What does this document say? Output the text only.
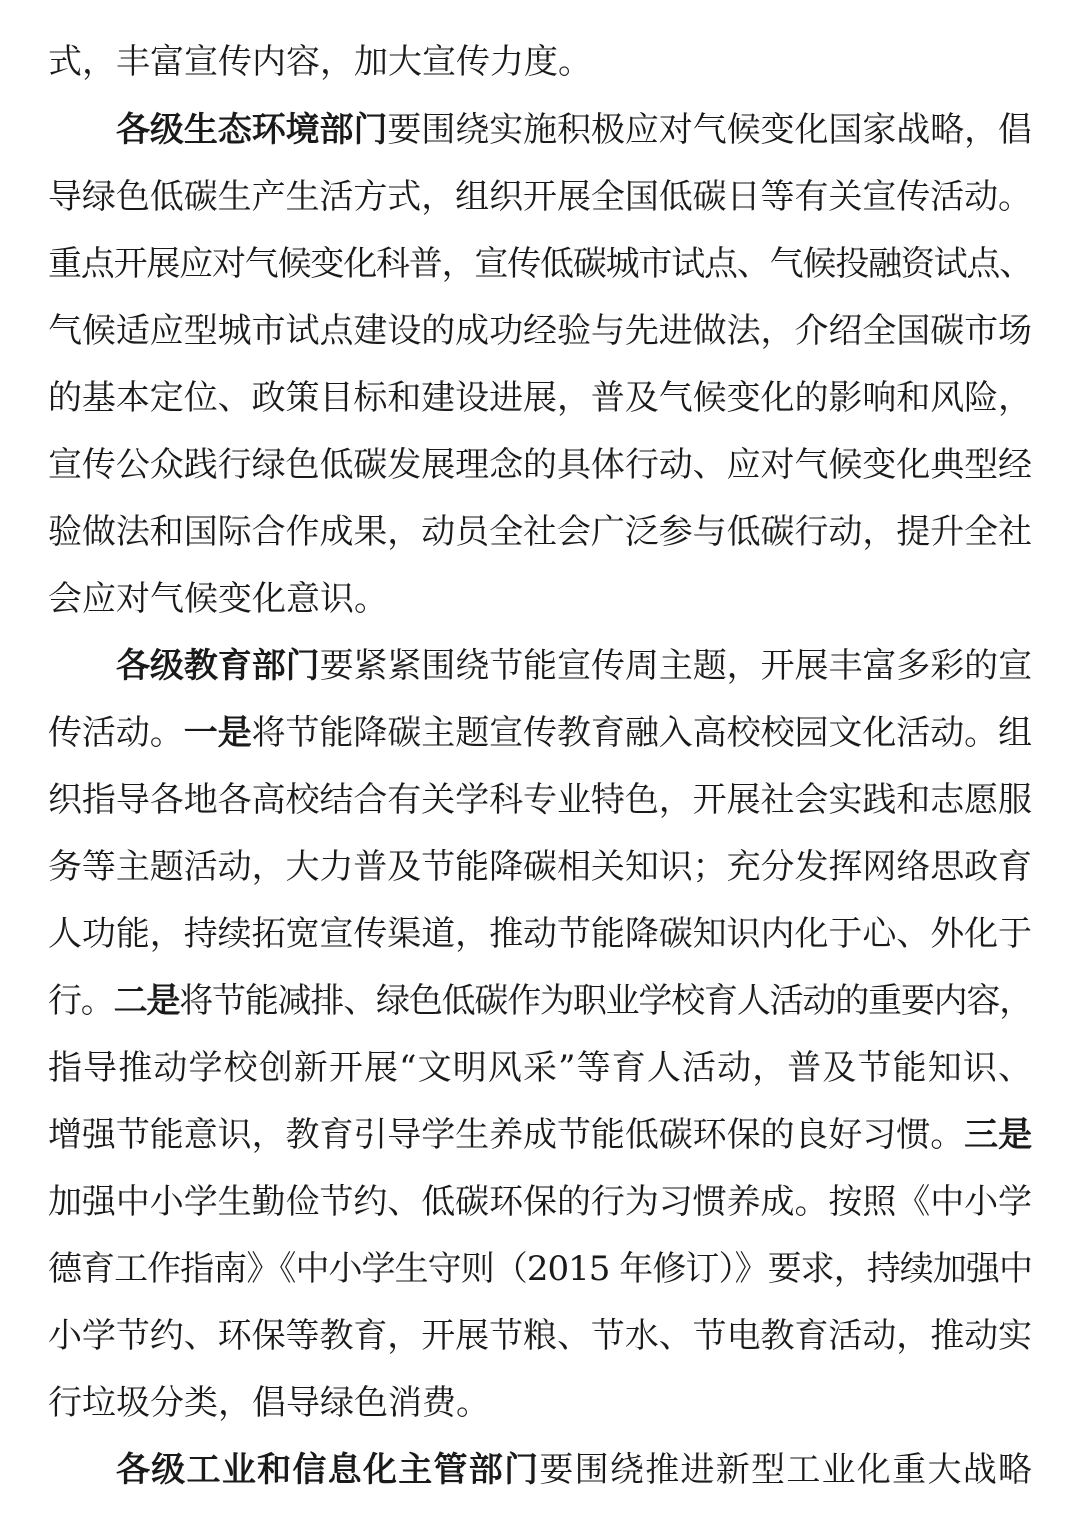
式，丰富宣传内容，加大宣传力度。
各级生态环境部门要围绕实施积极应对气候变化国家战略，倡
导绿色低碳生产生活方式，组织开展全国低碳日等有关宣传活动。
重点开展应对气候变化科普，宣传低碳城市试点、气候投融资试点、
气候适应型城市试点建设的成功经验与先进做法，介绍全国碳市场
的基本定位、政策目标和建设进展，普及气候变化的影响和风险，
宣传公众践行绿色低碳发展理念的具体行动、应对气候变化典型经
验做法和国际合作成果，动员全社会广泛参与低碳行动，提升全社
会应对气候变化意识。
各级教育部门要紧紧围绕节能宣传周主题，开展丰富多彩的宣
传活动。一是将节能降碳主题宣传教育融入高校校园文化活动。组
织指导各地各高校结合有关学科专业特色，开展社会实践和志愿服
务等主题活动，大力普及节能降碳相关知识；充分发挥网络思政育
人功能，持续拓宽宣传渠道，推动节能降碳知识内化于心、外化于
行。二是将节能减排、绿色低碳作为职业学校育人活动的重要内容，
指导推动学校创新开展“文明风采”等育人活动，普及节能知识、
增强节能意识，教育引导学生养成节能低碳环保的良好习惯。三是
加强中小学生勤俭节约、低碳环保的行为习惯养成。按照《中小学
德育工作指南》《中小学生守则（2015 年修订）》要求，持续加强中
小学节约、环保等教育，开展节粮、节水、节电教育活动，推动实
行垃圾分类，倡导绿色消费。
各级工业和信息化主管部门要围绕推进新型工业化重大战略
